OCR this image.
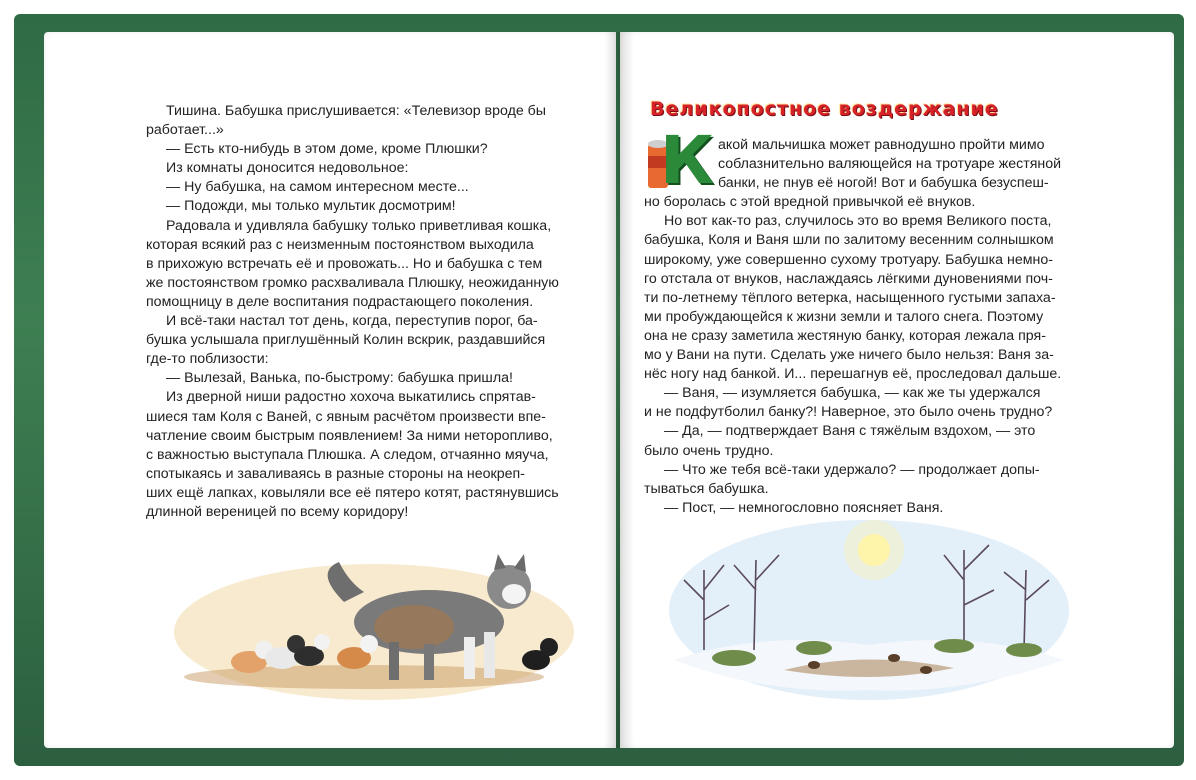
Тишина. Бабушка прислушивается: «Телевизор вроде бы

работает...»

— Есть кто-нибудь в этом доме, кроме Плюшки?

Из комнаты доносится недовольное:

— Ну бабушка, на самом интересном месте...

— Подожди, мы только мультик досмотрим!

Радовала и удивляла бабушку только приветливая кошка,

которая всякий раз с неизменным постоянством выходила

в прихожую встречать её и провожать... Но и бабушка с тем

же постоянством громко расхваливала Плюшку, неожиданную

помощницу в деле воспитания подрастающего поколения.

И всё-таки настал тот день, когда, переступив порог, ба-

бушка услышала приглушённый Колин вскрик, раздавшийся

где-то поблизости:

— Вылезай, Ванька, по-быстрому: бабушка пришла!

Из дверной ниши радостно хохоча выкатились спрятав-

шиеся там Коля с Ваней, с явным расчётом произвести впе-

чатление своим быстрым появлением! За ними неторопливо,

с важностью выступала Плюшка. А следом, отчаянно мяуча,

спотыкаясь и заваливаясь в разные стороны на неокреп-

ших ещё лапках, ковыляли все её пятеро котят, растянувшись

длинной вереницей по всему коридору!

Великопостное воздержание
К акой мальчишка может равнодушно пройти мимо

соблазнительно валяющейся на тротуаре жестяной

банки, не пнув её ногой! Вот и бабушка безуспеш-

но боролась с этой вредной привычкой её внуков.

Но вот как-то раз, случилось это во время Великого поста,

бабушка, Коля и Ваня шли по залитому весенним солнышком

широкому, уже совершенно сухому тротуару. Бабушка немно-

го отстала от внуков, наслаждаясь лёгкими дуновениями поч-

ти по-летнему тёплого ветерка, насыщенного густыми запаха-

ми пробуждающейся к жизни земли и талого снега. Поэтому

она не сразу заметила жестяную банку, которая лежала пря-

мо у Вани на пути. Сделать уже ничего было нельзя: Ваня за-

нёс ногу над банкой. И... перешагнув её, проследовал дальше.

— Ваня, — изумляется бабушка, — как же ты удержался

и не подфутболил банку?! Наверное, это было очень трудно?

— Да, — подтверждает Ваня с тяжёлым вздохом, — это

было очень трудно.

— Что же тебя всё-таки удержало? — продолжает допы-

тываться бабушка.

— Пост, — немногословно поясняет Ваня.
